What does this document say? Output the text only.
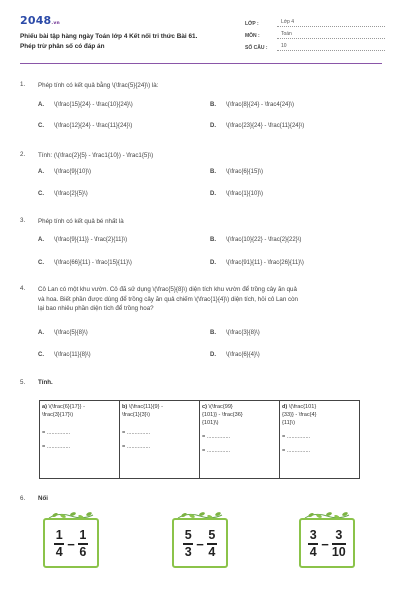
2048.vn
Phiếu bài tập hàng ngày Toán lớp 4 Kết nối tri thức Bài 61.
Phép trừ phân số có đáp án
LỚP :	Lớp 4
MÔN :	Toán
SỐ CÂU :	10
1. Phép tính có kết quả bằng \(\frac{5}{24}\) là:
A. \(\frac{15}{24} - \frac{10}{24}\)	B. \(\frac{8}{24} - \frac4{24}\)
C. \(\frac{12}{24} - \frac{11}{24}\)	D. \(\frac{23}{24} - \frac{11}{24}\)
2. Tính: (\(\frac{2}{5} - \frac1{10}) - \frac1{5}\)
A. \(\frac{9}{10}\)	B. \(\frac{6}{15}\)
C. \(\frac{2}{5}\)	D. \(\frac{1}{10}\)
3. Phép tính có kết quả bé nhất là
A. \(\frac{9}{11}} - \frac{2}{11}\)	B. \(\frac{10}{22} - \frac{2}{22}\)
C. \(\frac{66}{11} - \frac{15}{11}\)	D. \(\frac{91}{11} - \frac{26}{11}\)
4. Cô Lan có một khu vườn. Cô đã sử dụng \(\frac{5}{8}\) diện tích khu vườn để trồng cây ăn quả
và hoa. Biết phần được dùng để trồng cây ăn quả chiếm \(\frac{1}{4}\) diện tích, hỏi cô Lan còn
lại bao nhiêu phần diện tích để trồng hoa?
A. \(\frac{5}{8}\)	B. \(\frac{3}{8}\)
C. \(\frac{11}{8}\)	D. \(\frac{6}{4}\)
5. Tính.
a) \(\frac{6}{17}} -
\frac{3}{17}\)
= ...............
= ...............

b) \(\frac{11}{9} -
\frac{1}{3}\)
= ...............
= ...............

c) \(\frac{99}
{101}} - \frac{36}
{101}\)
= ...............
= ...............

d) \(\frac{101}
{33}} - \frac{4}
{11}\)
= ...............
= ...............
6. Nối
$\frac{1}{4} - \frac{1}{6}$	$\frac{5}{3} - \frac{5}{4}$	$\frac{3}{4} - \frac{3}{10}$
